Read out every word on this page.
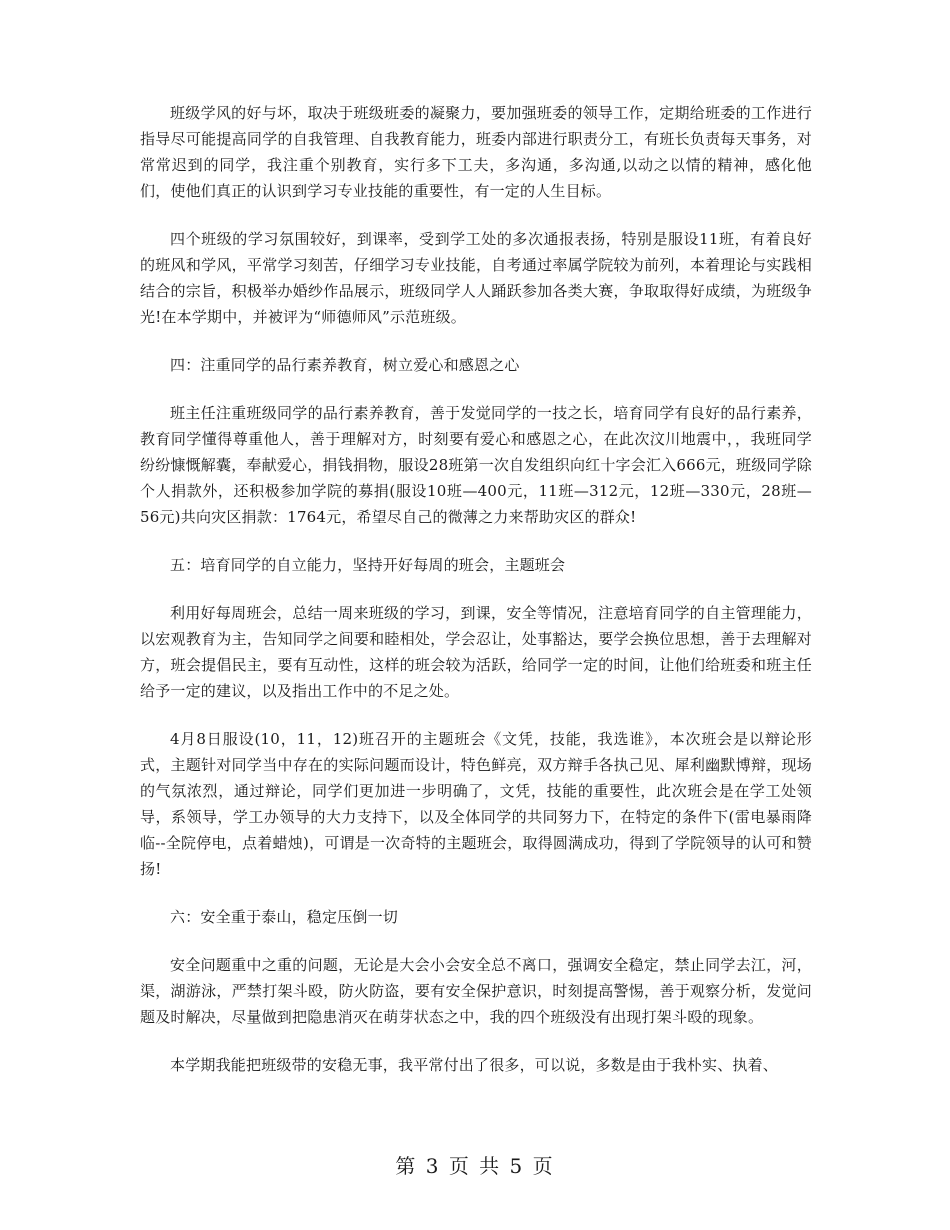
班级学风的好与坏，取决于班级班委的凝聚力，要加强班委的领导工作，定期给班委的工作进行指导尽可能提高同学的自我管理、自我教育能力，班委内部进行职责分工，有班长负责每天事务，对常常迟到的同学，我注重个别教育，实行多下工夫，多沟通，多沟通,以动之以情的精神，感化他们，使他们真正的认识到学习专业技能的重要性，有一定的人生目标。

四个班级的学习氛围较好，到课率，受到学工处的多次通报表扬，特别是服设11班，有着良好的班风和学风，平常学习刻苦，仔细学习专业技能，自考通过率属学院较为前列，本着理论与实践相结合的宗旨，积极举办婚纱作品展示，班级同学人人踊跃参加各类大赛，争取取得好成绩，为班级争光!在本学期中，并被评为“师德师风”示范班级。

四：注重同学的品行素养教育，树立爱心和感恩之心

班主任注重班级同学的品行素养教育，善于发觉同学的一技之长，培育同学有良好的品行素养，教育同学懂得尊重他人，善于理解对方，时刻要有爱心和感恩之心，在此次汶川地震中，，我班同学纷纷慷慨解囊，奉献爱心，捐钱捐物，服设28班第一次自发组织向红十字会汇入666元，班级同学除个人捐款外，还积极参加学院的募捐(服设10班—400元，11班—312元，12班—330元，28班—56元)共向灾区捐款：1764元，希望尽自己的微薄之力来帮助灾区的群众!

五：培育同学的自立能力，坚持开好每周的班会，主题班会

利用好每周班会，总结一周来班级的学习，到课，安全等情况，注意培育同学的自主管理能力，以宏观教育为主，告知同学之间要和睦相处，学会忍让，处事豁达，要学会换位思想，善于去理解对方，班会提倡民主，要有互动性，这样的班会较为活跃，给同学一定的时间，让他们给班委和班主任给予一定的建议，以及指出工作中的不足之处。

4月8日服设(10，11，12)班召开的主题班会《文凭，技能，我选谁》，本次班会是以辩论形式，主题针对同学当中存在的实际问题而设计，特色鲜亮，双方辩手各执己见、犀利幽默博辩，现场的气氛浓烈，通过辩论，同学们更加进一步明确了，文凭，技能的重要性，此次班会是在学工处领导，系领导，学工办领导的大力支持下，以及全体同学的共同努力下，在特定的条件下(雷电暴雨降临--全院停电，点着蜡烛)，可谓是一次奇特的主题班会，取得圆满成功，得到了学院领导的认可和赞扬!

六：安全重于泰山，稳定压倒一切

安全问题重中之重的问题，无论是大会小会安全总不离口，强调安全稳定，禁止同学去江，河，渠，湖游泳，严禁打架斗殴，防火防盗，要有安全保护意识，时刻提高警惕，善于观察分析，发觉问题及时解决，尽量做到把隐患消灭在萌芽状态之中，我的四个班级没有出现打架斗殴的现象。

本学期我能把班级带的安稳无事，我平常付出了很多，可以说，多数是由于我朴实、执着、

第 3 页 共 5 页
